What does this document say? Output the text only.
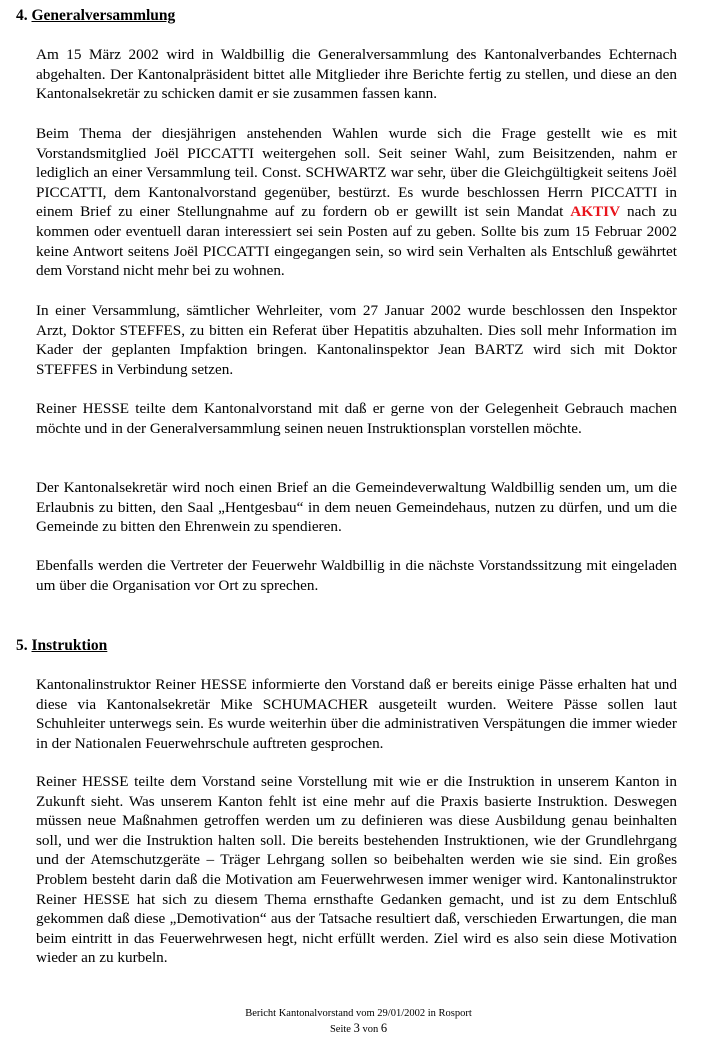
4. Generalversammlung

Am 15 März 2002 wird in Waldbillig die Generalversammlung des Kantonalverbandes Echternach abgehalten. Der Kantonalpräsident bittet alle Mitglieder ihre Berichte fertig zu stellen, und diese an den Kantonalsekretär zu schicken damit er sie zusammen fassen kann.

Beim Thema der diesjährigen anstehenden Wahlen wurde sich die Frage gestellt wie es mit Vorstandsmitglied Joël PICCATTI weitergehen soll. Seit seiner Wahl, zum Beisitzenden, nahm er lediglich an einer Versammlung teil. Const. SCHWARTZ war sehr, über die Gleichgültigkeit seitens Joël PICCATTI, dem Kantonalvorstand gegenüber, bestürzt. Es wurde beschlossen Herrn PICCATTI in einem Brief zu einer Stellungnahme auf zu fordern ob er gewillt ist sein Mandat AKTIV nach zu kommen oder eventuell daran interessiert sei sein Posten auf zu geben. Sollte bis zum 15 Februar 2002 keine Antwort seitens Joël PICCATTI eingegangen sein, so wird sein Verhalten als Entschluß gewährtet dem Vorstand nicht mehr bei zu wohnen.

In einer Versammlung, sämtlicher Wehrleiter, vom 27 Januar 2002 wurde beschlossen den Inspektor Arzt, Doktor STEFFES, zu bitten ein Referat über Hepatitis abzuhalten. Dies soll mehr Information im Kader der geplanten Impfaktion bringen. Kantonalinspektor Jean BARTZ wird sich mit Doktor STEFFES in Verbindung setzen.

Reiner HESSE teilte dem Kantonalvorstand mit daß er gerne von der Gelegenheit Gebrauch machen möchte und in der Generalversammlung seinen neuen Instruktionsplan vorstellen möchte.

Der Kantonalsekretär wird noch einen Brief an die Gemeindeverwaltung Waldbillig senden um, um die Erlaubnis zu bitten, den Saal „Hentgesbau“ in dem neuen Gemeindehaus, nutzen zu dürfen, und um die Gemeinde zu bitten den Ehrenwein zu spendieren.

Ebenfalls werden die Vertreter der Feuerwehr Waldbillig in die nächste Vorstandssitzung mit eingeladen um über die Organisation vor Ort zu sprechen.

5. Instruktion

Kantonalinstruktor Reiner HESSE informierte den Vorstand daß er bereits einige Pässe erhalten hat und diese via Kantonalsekretär Mike SCHUMACHER ausgeteilt wurden. Weitere Pässe sollen laut Schuhleiter unterwegs sein. Es wurde weiterhin über die administrativen Verspätungen die immer wieder in der Nationalen Feuerwehrschule auftreten gesprochen.

Reiner HESSE teilte dem Vorstand seine Vorstellung mit wie er die Instruktion in unserem Kanton in Zukunft sieht. Was unserem Kanton fehlt ist eine mehr auf die Praxis basierte Instruktion. Deswegen müssen neue Maßnahmen getroffen werden um zu definieren was diese Ausbildung genau beinhalten soll, und wer die Instruktion halten soll. Die bereits bestehenden Instruktionen, wie der Grundlehrgang und der Atemschutzgeräte – Träger Lehrgang sollen so beibehalten werden wie sie sind. Ein großes Problem besteht darin daß die Motivation am Feuerwehrwesen immer weniger wird. Kantonalinstruktor Reiner HESSE hat sich zu diesem Thema ernsthafte Gedanken gemacht, und ist zu dem Entschluß gekommen daß diese „Demotivation“ aus der Tatsache resultiert daß, verschieden Erwartungen, die man beim eintritt in das Feuerwehrwesen hegt, nicht erfüllt werden. Ziel wird es also sein diese Motivation wieder an zu kurbeln.

Bericht Kantonalvorstand vom 29/01/2002 in Rosport
Seite 3 von 6
